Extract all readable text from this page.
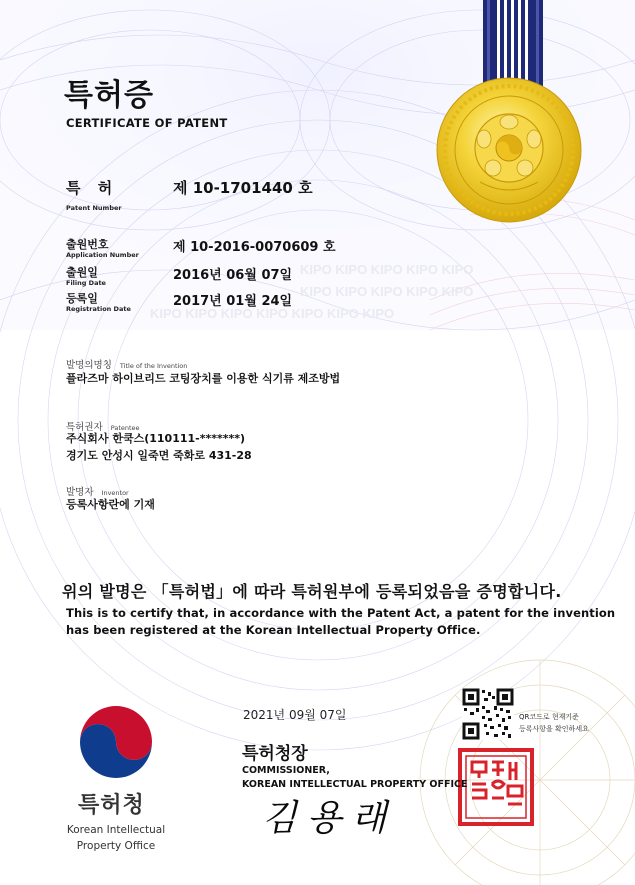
KIPO KIPO KIPO KIPO KIPO
KIPO KIPO KIPO KIPO KIPO
KIPO KIPO KIPO KIPO KIPO KIPO KIPO
특허증
CERTIFICATE OF PATENT
특 허
Patent Number
제 10-1701440 호
출원번호
Application Number	제 10-2016-0070609 호
출원일
Filing Date	2016년 06월 07일
등록일
Registration Date	2017년 01월 24일
발명의명칭 Title of the Invention
플라즈마 하이브리드 코팅장치를 이용한 식기류 제조방법
특허권자 Patentee
주식회사 한쿡스(110111-*******)
경기도 안성시 일죽면 죽화로 431-28
발명자 Inventor
등록사항란에 기재
위의 발명은 「특허법」에 따라 특허원부에 등록되었음을 증명합니다.
This is to certify that, in accordance with the Patent Act, a patent for the invention
has been registered at the Korean Intellectual Property Office.
2021년 09월 07일	QR코드로 현재기준
등록사항을 확인하세요
특허청장
COMMISSIONER,
KOREAN INTELLECTUAL PROPERTY OFFICE
김용래
특허청
Korean Intellectual
Property Office
